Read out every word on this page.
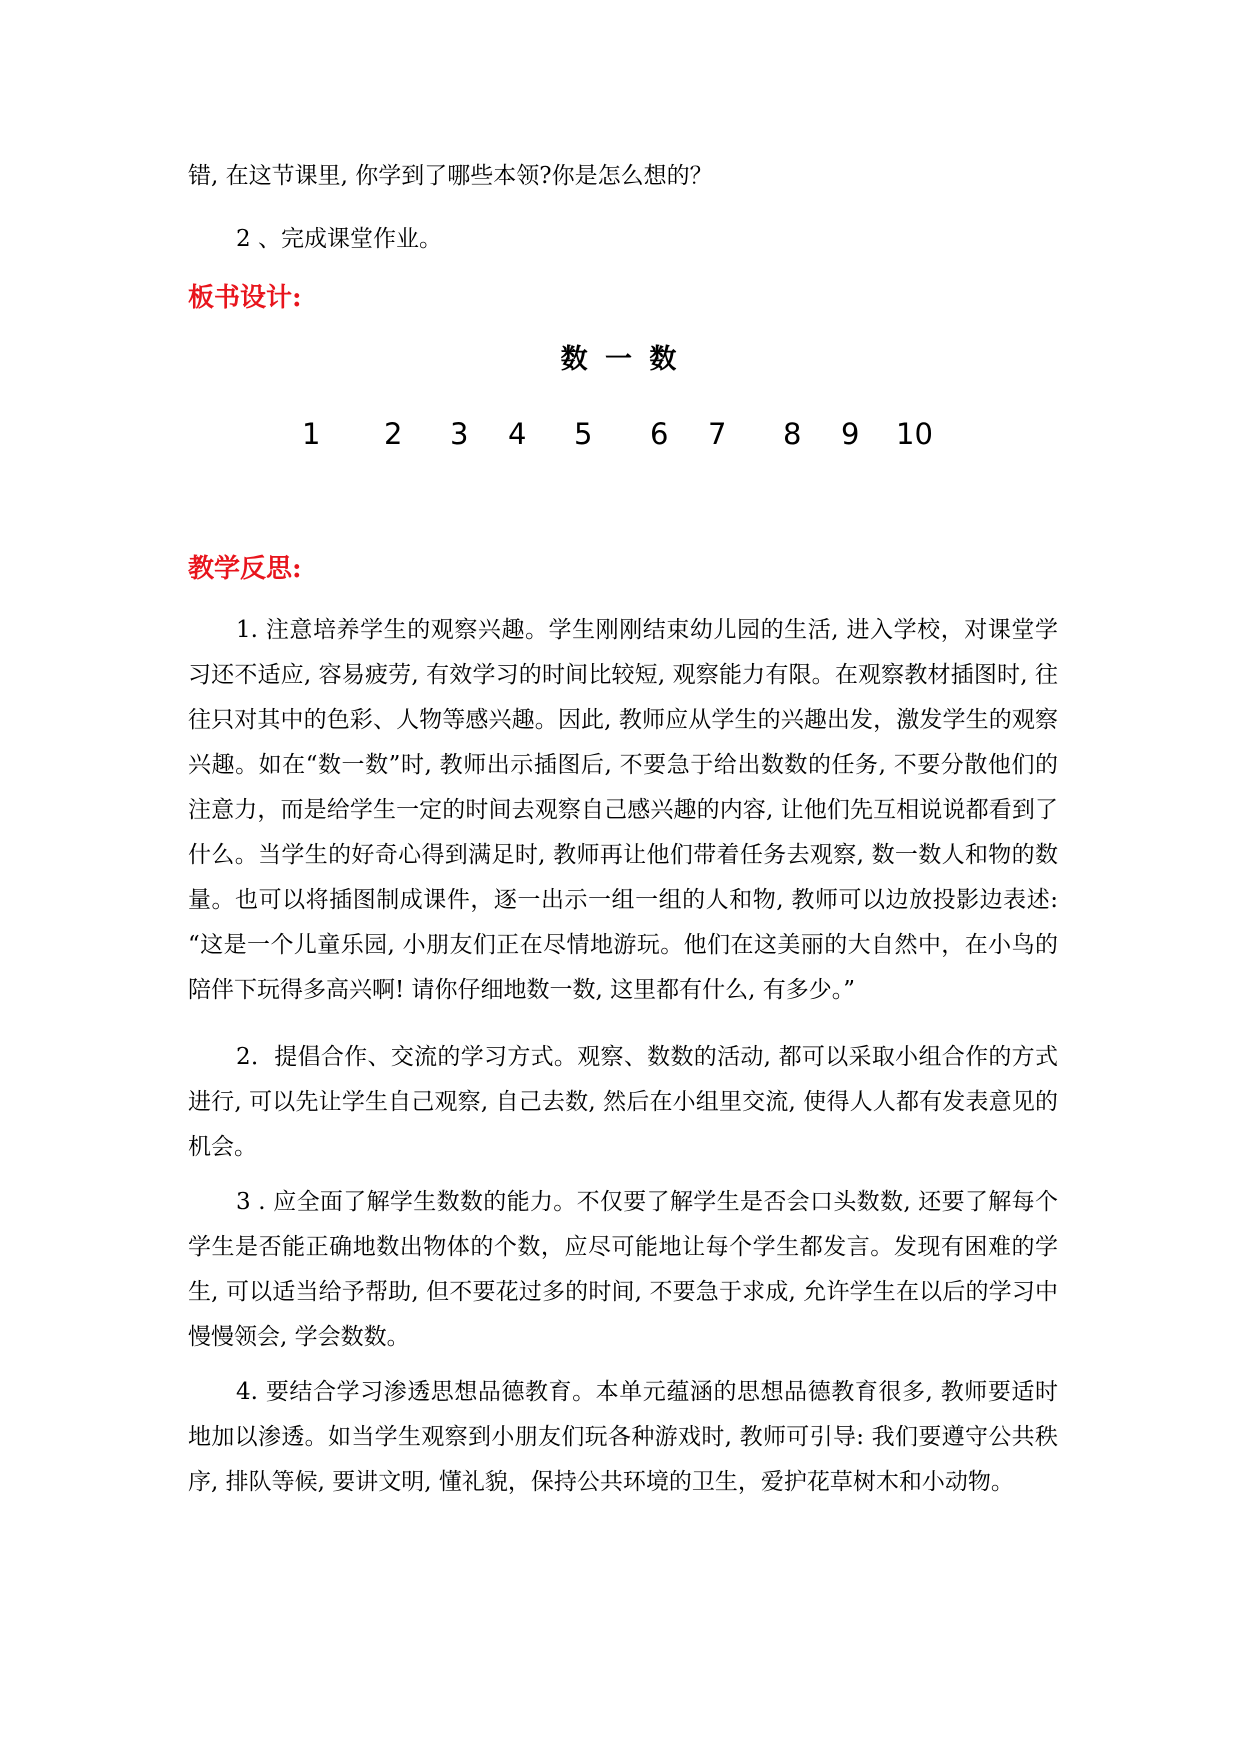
错, 在这节课里, 你学到了哪些本领?你是怎么想的？
2 、完成课堂作业。
板书设计:
数 一 数
1 2 3 4 5 6 7 8 9 10
教学反思:
1. 注意培养学生的观察兴趣。学生刚刚结束幼儿园的生活, 进入学校，对课堂学习还不适应, 容易疲劳, 有效学习的时间比较短, 观察能力有限。在观察教材插图时, 往往只对其中的色彩、人物等感兴趣。因此, 教师应从学生的兴趣出发，激发学生的观察兴趣。如在“数一数”时, 教师出示插图后, 不要急于给出数数的任务, 不要分散他们的注意力，而是给学生一定的时间去观察自己感兴趣的内容, 让他们先互相说说都看到了什么。当学生的好奇心得到满足时, 教师再让他们带着任务去观察, 数一数人和物的数量。也可以将插图制成课件，逐一出示一组一组的人和物, 教师可以边放投影边表述: “这是一个儿童乐园, 小朋友们正在尽情地游玩。他们在这美丽的大自然中，在小鸟的陪伴下玩得多高兴啊! 请你仔细地数一数, 这里都有什么, 有多少。”
2．提倡合作、交流的学习方式。观察、数数的活动, 都可以采取小组合作的方式进行, 可以先让学生自己观察, 自己去数, 然后在小组里交流, 使得人人都有发表意见的机会。
3 . 应全面了解学生数数的能力。不仅要了解学生是否会口头数数, 还要了解每个学生是否能正确地数出物体的个数，应尽可能地让每个学生都发言。发现有困难的学生, 可以适当给予帮助, 但不要花过多的时间, 不要急于求成, 允许学生在以后的学习中慢慢领会, 学会数数。
4. 要结合学习渗透思想品德教育。本单元蕴涵的思想品德教育很多, 教师要适时地加以渗透。如当学生观察到小朋友们玩各种游戏时, 教师可引导: 我们要遵守公共秩序, 排队等候, 要讲文明, 懂礼貌，保持公共环境的卫生，爱护花草树木和小动物。
